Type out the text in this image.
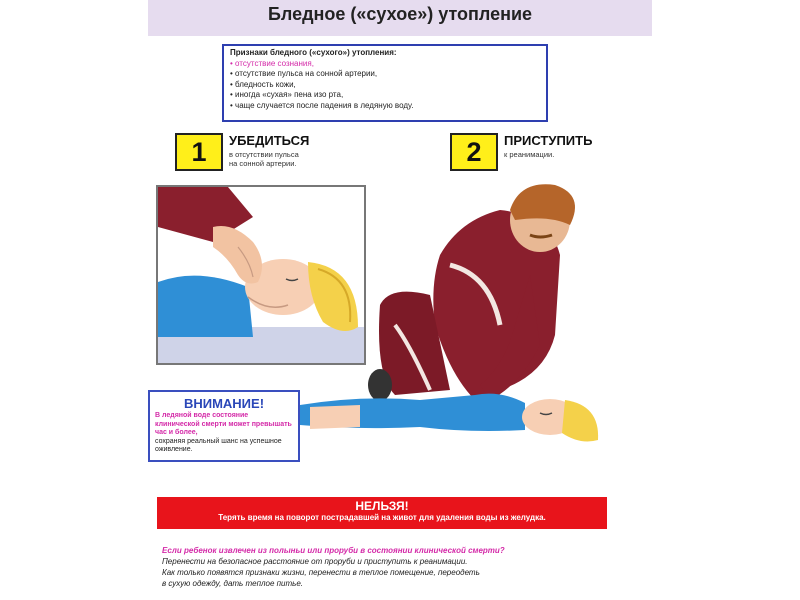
Бледное («сухое») утопление
Признаки бледного («сухого») утопления:
• отсутствие сознания,
• отсутствие пульса на сонной артерии,
• бледность кожи,
• иногда «сухая» пена изо рта,
• чаще случается после падения в ледяную воду.
1	УБЕДИТЬСЯ
в отсутствии пульса
на сонной артерии.	2	ПРИСТУПИТЬ
к реанимации.
ВНИМАНИЕ!
В ледяной воде состояние клинической смерти может превышать час и более,
сохраняя реальный шанс на успешное оживление.
НЕЛЬЗЯ!
Терять время на поворот пострадавшей на живот для удаления воды из желудка.
Если ребенок извлечен из полыньи или проруби в состоянии клинической смерти?
Перенести на безопасное расстояние от проруби и приступить к реанимации.
Как только появятся признаки жизни, перенести в теплое помещение, переодеть
в сухую одежду, дать теплое питье.
